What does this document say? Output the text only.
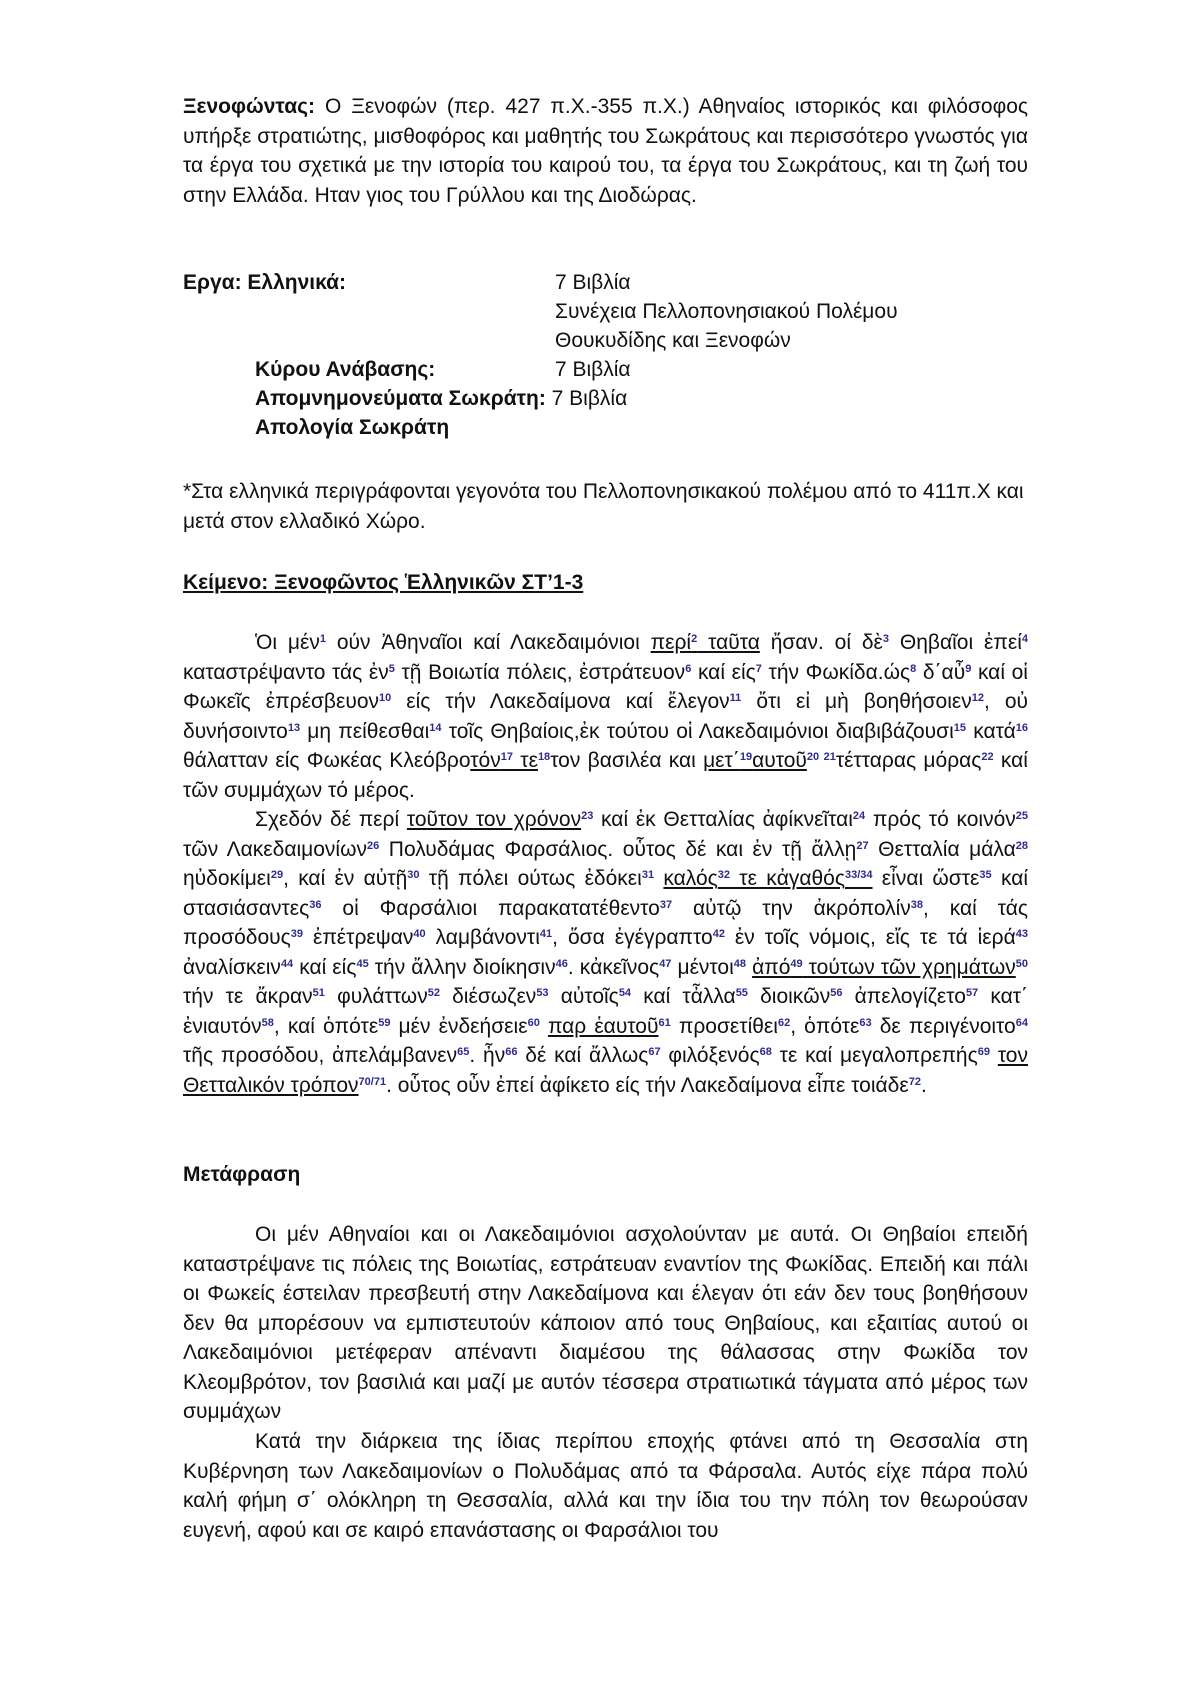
Ξενοφώντας: Ο Ξενοφών (περ. 427 π.Χ.-355 π.Χ.) Αθηναίος ιστορικός και φιλόσοφος υπήρξε στρατιώτης, μισθοφόρος και μαθητής του Σωκράτους και περισσότερο γνωστός για τα έργα του σχετικά με την ιστορία του καιρού του, τα έργα του Σωκράτους, και τη ζωή του στην Ελλάδα. Ηταν γιος του Γρύλλου και της Διοδώρας.

Εργα: Ελληνικά:	7 Βιβλία
Συνέχεια Πελλοπονησιακού Πολέμου
Θουκυδίδης και Ξενοφών
Κύρου Ανάβασης:	7 Βιβλία
Απομνημονεύματα Σωκράτη: 7 Βιβλία
Απολογία Σωκράτη

*Στα ελληνικά περιγράφονται γεγονότα του Πελλοπονησικακού πολέμου από το 411π.Χ και μετά στον ελλαδικό Χώρο.

Κείμενο: Ξενοφῶντος Ἑλληνικῶν ΣΤ’1-3

Ὁι μέν$^1$ ούν Ἀθηναῖοι καί Λακεδαιμόνιοι περί$^2$ ταῦτα ἤσαν. οί δὲ$^3$ Θηβαῖοι ἐπεί$^4$ καταστρέψαντο τάς ἐν$^5$ τῇ Βοιωτία πόλεις, ἐστράτευον$^6$ καί είς$^7$ τήν $\Phi\omega\kappa ί\delta\alpha.ώ\varsigma^8$ δ΄αὖ$^9$ καί οἱ Φωκεῖς ἐπρέσβευον$^{10}$ είς τήν Λακεδαίμονα καί ἔλεγον$^{11}$ ὄτι εἰ μὴ βοηθήσοιεν$^{12}$, οὐ δυνήσοιντο$^{13}$ μη πείθεσθαι$^{14}$ τοῖς Θηβαίοις,ἐκ τούτου οἱ Λακεδαιμόνιοι διαβιβάζουσι$^{15}$ κατά$^{16}$ θάλατταν είς Φωκέας Κλεόβροτόν$^{17}$ $\tau\varepsilon^{18}\tau o\nu$ βασιλέα και μετ΄$^{19}$αυτοῦ$^{20 21}$τέτταρας μόρας$^{22}$ καί τῶν συμμάχων τό μέρος.

Σχεδόν δέ περί τοῦτον τον χρόνον$^{23}$ καί ἐκ Θετταλίας ἀφίκνεῖται$^{24}$ πρός τό κοινόν$^{25}$ τῶν Λακεδαιμονίων$^{26}$ Πολυδάμας Φαρσάλιος. οὗτος δέ και ἐν τῇ ἄλλῃ$^{27}$ Θετταλία μάλα$^{28}$ ηὐδοκίμει$^{29}$, καί ἐν αὐτῇ$^{30}$ τῇ πόλει ούτως ἐδόκει$^{31}$ καλός$^{32}$ τε κἀγαθός$^{33/34}$ εἶναι ὥστε$^{35}$ καί στασιάσαντες$^{36}$ οἱ Φαρσάλιοι παρακατατέθεντο$^{37}$ αὐτῷ την ἀκρόπολίν$^{38}$, καί τάς προσόδους$^{39}$ ἐπέτρεψαν$^{40}$ λαμβάνοντι$^{41}$, ὅσα ἐγέγραπτο$^{42}$ ἐν τοῖς νόμοις, εἴς τε τά ἱερά$^{43}$ ἀναλίσκειν$^{44}$ καί είς$^{45}$ τήν ἄλλην διοίκησιν$^{46}$. κἀκεῖνος$^{47}$ μέντοι$^{48}$ ἀπό$^{49}$ τούτων τῶν χρημάτων$^{50}$ τήν τε ἄκραν$^{51}$ φυλάττων$^{52}$ διέσωζεν$^{53}$ αὐτοῖς$^{54}$ καί τἆλλα$^{55}$ διοικῶν$^{56}$ ἀπελογίζετο$^{57}$ κατ΄ ἐνιαυτόν$^{58}$, καί ὁπότε$^{59}$ μέν ἐνδεήσειε$^{60}$ παρ ἑαυτοῦ$^{61}$ προσετίθει$^{62}$, ὁπότε$^{63}$ δε περιγένοιτο$^{64}$ τῆς προσόδου, ἀπελάμβανεν$^{65}$. ἦν$^{66}$ δέ καί ἄλλως$^{67}$ φιλόξενός$^{68}$ τε καί μεγαλοπρεπής$^{69}$ τον Θετταλικόν τρόπον$^{70/71}$. οὗτος οὖν ἐπεί ἀφίκετο είς τήν Λακεδαίμονα εἶπε τοιάδε$^{72}$.

Μετάφραση

Οι μέν Αθηναίοι και οι Λακεδαιμόνιοι ασχολούνταν με αυτά. Οι Θηβαίοι επειδή καταστρέψανε τις πόλεις της Βοιωτίας, εστράτευαν εναντίον της Φωκίδας. Επειδή και πάλι οι Φωκείς έστειλαν πρεσβευτή στην Λακεδαίμονα και έλεγαν ότι εάν δεν τους βοηθήσουν δεν θα μπορέσουν να εμπιστευτούν κάποιον από τους Θηβαίους, και εξαιτίας αυτού οι Λακεδαιμόνιοι μετέφεραν απέναντι διαμέσου της θάλασσας στην Φωκίδα τον Κλεομβρότον, τον βασιλιά και μαζί με αυτόν τέσσερα στρατιωτικά τάγματα από μέρος των συμμάχων

Κατά την διάρκεια της ίδιας περίπου εποχής φτάνει από τη Θεσσαλία στη Κυβέρνηση των Λακεδαιμονίων ο Πολυδάμας από τα Φάρσαλα. Αυτός είχε πάρα πολύ καλή φήμη σ΄ ολόκληρη τη Θεσσαλία, αλλά και την ίδια του την πόλη τον θεωρούσαν ευγενή, αφού και σε καιρό επανάστασης οι Φαρσάλιοι του
